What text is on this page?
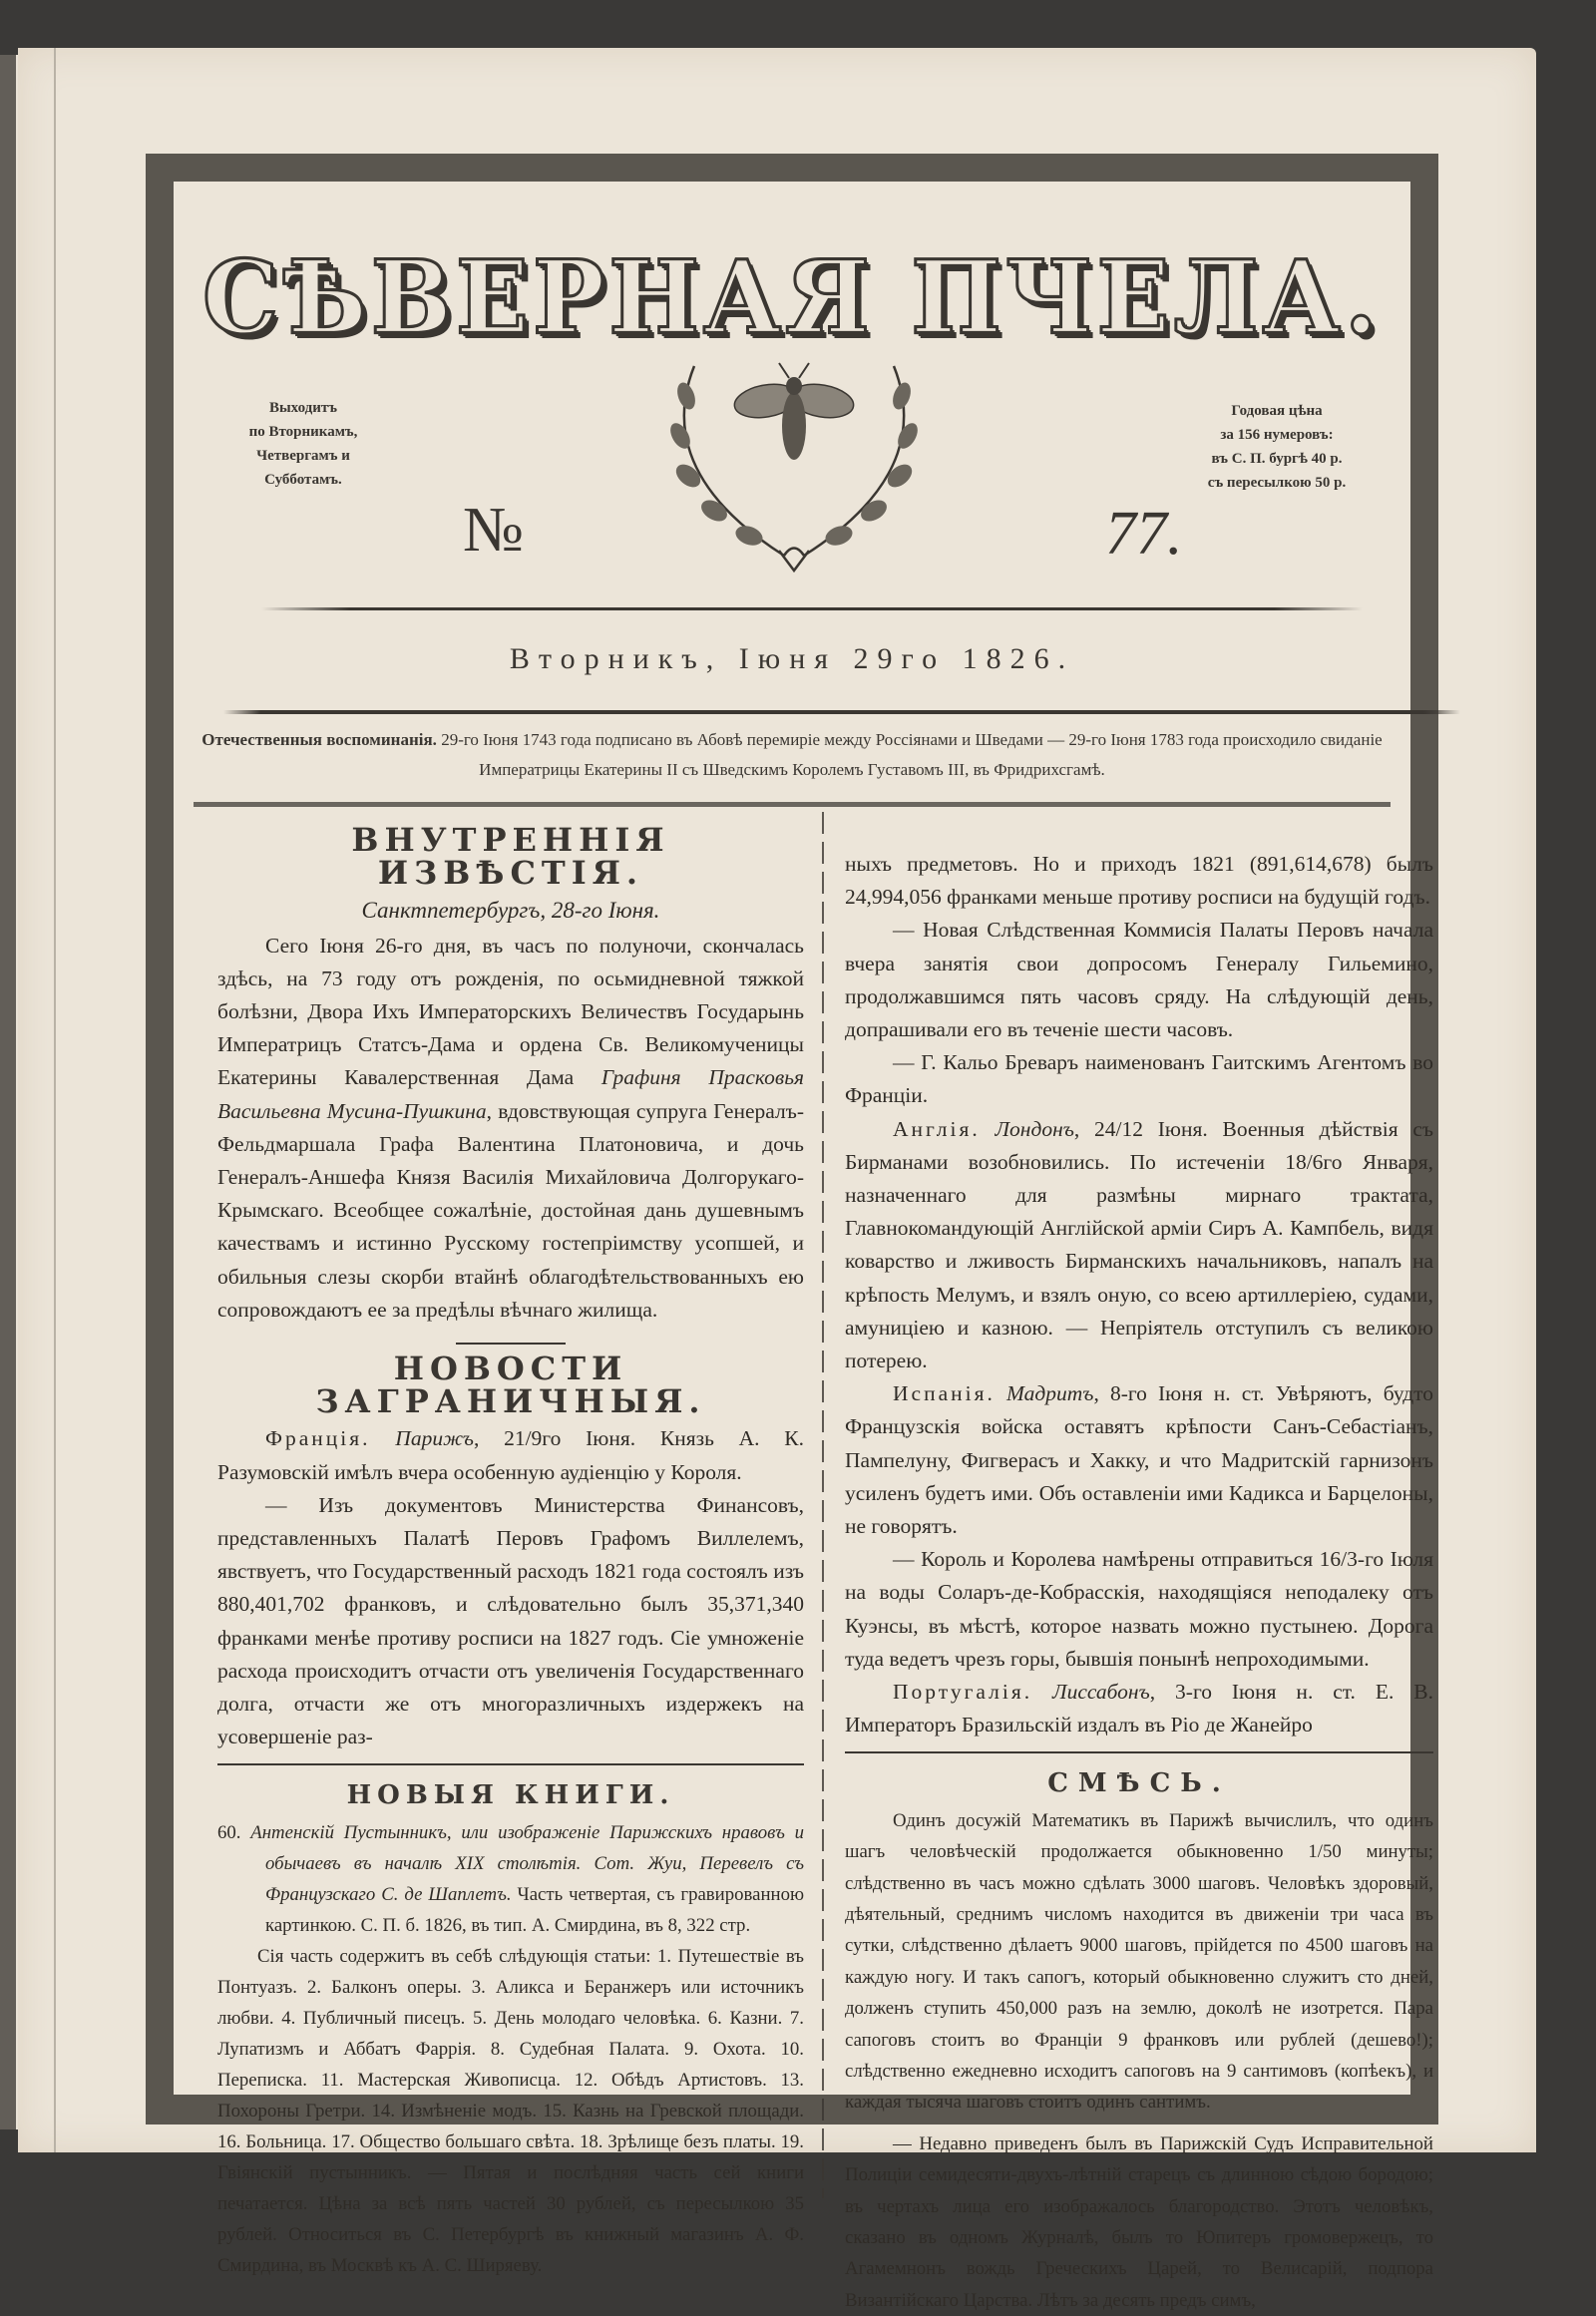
СѢВЕРНАЯ ПЧЕЛА.
Выходитъ
по Вторникамъ,
Четвергамъ и
Субботамъ.
Годовая цѣна
за 156 нумеровъ:
въ С. П. бургѣ 40 р.
съ пересылкою 50 р.
№	77.
Вторникъ, Іюня 29го 1826.
Отечественныя воспоминанія. 29-го Іюня 1743 года подписано въ Абовѣ перемиріе между Россіянами и Шведами — 29-го Іюня 1783 года происходило свиданіе Императрицы Екатерины II съ Шведскимъ Королемъ Густавомъ III, въ Фридрихсгамѣ.
ВНУТРЕННІЯ ИЗВѢСТІЯ.
Санктпетербургъ, 28-го Іюня.

Сего Іюня 26-го дня, въ часъ по полуночи, скончалась здѣсь, на 73 году отъ рожденія, по осьмидневной тяжкой болѣзни, Двора Ихъ Императорскихъ Величествъ Государынь Императрицъ Статсъ-Дама и ордена Св. Великомученицы Екатерины Кавалерственная Дама Графиня Прасковья Васильевна Мусина-Пушкина, вдовствующая супруга Генералъ-Фельдмаршала Графа Валентина Платоновича, и дочь Генералъ-Аншефа Князя Василія Михайловича Долгорукаго-Крымскаго. Всеобщее сожалѣніе, достойная дань душевнымъ качествамъ и истинно Русскому гостепріимству усопшей, и обильныя слезы скорби втайнѣ облагодѣтельствованныхъ ею сопровождаютъ ее за предѣлы вѣчнаго жилища.

НОВОСТИ ЗАГРАНИЧНЫЯ.

Франція. Парижъ, 21/9го Іюня. Князь А. К. Разумовскій имѣлъ вчера особенную аудіенцію у Короля.

— Изъ документовъ Министерства Финансовъ, представленныхъ Палатѣ Перовъ Графомъ Виллелемъ, явствуетъ, что Государственный расходъ 1821 года состоялъ изъ 880,401,702 франковъ, и слѣдовательно былъ 35,371,340 франками менѣе противу росписи на 1827 годъ. Сіе умноженіе расхода происходитъ отчасти отъ увеличенія Государственнаго долга, отчасти же отъ многоразличныхъ издержекъ на усовершеніе раз-

НОВЫЯ КНИГИ.

60. Антенскій Пустынникъ, или изображеніе Парижскихъ нравовъ и обычаевъ въ началѣ XIX столѣтія. Сот. Жуи, Перевелъ съ Французскаго С. де Шаплетъ. Часть четвертая, съ гравированною картинкою. С. П. б. 1826, въ тип. А. Смирдина, въ 8, 322 стр.

Сія часть содержитъ въ себѣ слѣдующія статьи: 1. Путешествіе въ Понтуазъ. 2. Балконъ оперы. 3. Аликса и Беранжеръ или источникъ любви. 4. Публичный писецъ. 5. День молодаго человѣка. 6. Казни. 7. Лупатизмъ и Аббатъ Фаррія. 8. Судебная Палата. 9. Охота. 10. Переписка. 11. Мастерская Живописца. 12. Обѣдъ Артистовъ. 13. Похороны Гретри. 14. Измѣненіе модъ. 15. Казнь на Гревской площади. 16. Больница. 17. Общество большаго свѣта. 18. Зрѣлище безъ платы. 19. Гвіянскій пустынникъ. — Пятая и послѣдняя часть сей книги печатается. Цѣна за всѣ пять частей 30 рублей, съ пересылкою 35 рублей. Относиться въ С. Петербургѣ въ книжный магазинъ А. Ф. Смирдина, въ Москвѣ къ А. С. Ширяеву.

ныхъ предметовъ. Но и приходъ 1821 (891,614,678) былъ 24,994,056 франками меньше противу росписи на будущій годъ.

— Новая Слѣдственная Коммисія Палаты Перовъ начала вчера занятія свои допросомъ Генералу Гильемино, продолжавшимся пять часовъ сряду. На слѣдующій день, допрашивали его въ теченіе шести часовъ.

— Г. Кальо Бреваръ наименованъ Гаитскимъ Агентомъ во Франціи.

Англія. Лондонъ, 24/12 Іюня. Военныя дѣйствія съ Бирманами возобновились. По истеченіи 18/6го Января, назначеннаго для размѣны мирнаго трактата, Главнокомандующій Англійской арміи Сиръ А. Кампбель, видя коварство и лживость Бирманскихъ начальниковъ, напалъ на крѣпость Мелумъ, и взялъ оную, со всею артиллеріею, судами, амуниціею и казною. — Непріятель отступилъ съ великою потерею.

Испанія. Мадритъ, 8-го Іюня н. ст. Увѣряютъ, будто Французскія войска оставятъ крѣпости Санъ-Себастіанъ, Пампелуну, Фигверасъ и Хакку, и что Мадритскій гарнизонъ усиленъ будетъ ими. Объ оставленіи ими Кадикса и Барцелоны, не говорятъ.

— Король и Королева намѣрены отправиться 16/3-го Іюля на воды Соларъ-де-Кобрасскія, находящіяся неподалеку отъ Куэнсы, въ мѣстѣ, которое назвать можно пустынею. Дорога туда ведетъ чрезъ горы, бывшія понынѣ непроходимыми.

Португалія. Лиссабонъ, 3-го Іюня н. ст. Е. В. Императоръ Бразильскій издалъ въ Ріо де Жанейро

СМѢСЬ.

Одинъ досужій Математикъ въ Парижѣ вычислилъ, что одинъ шагъ человѣческій продолжается обыкновенно 1/50 минуты; слѣдственно въ часъ можно сдѣлать 3000 шаговъ. Человѣкъ здоровый, дѣятельный, среднимъ числомъ находится въ движеніи три часа въ сутки, слѣдственно дѣлаетъ 9000 шаговъ, прійдется по 4500 шаговъ на каждую ногу. И такъ сапогъ, который обыкновенно служитъ сто дней, долженъ ступить 450,000 разъ на землю, доколѣ не изотрется. Пара сапоговъ стоитъ во Франціи 9 франковъ или рублей (дешево!); слѣдственно ежедневно исходитъ сапоговъ на 9 сантимовъ (копѣекъ), и каждая тысяча шаговъ стоитъ одинъ сантимъ.

— Недавно приведенъ былъ въ Парижскій Судъ Исправительной Полиціи семидесяти-двухъ-лѣтній старецъ съ длинною сѣдою бородою; въ чертахъ лица его изображалось благородство. Этотъ человѣкъ, сказано въ одномъ Журналѣ, былъ то Юпитеръ громовержецъ, то Агамемнонъ вождь Греческихъ Царей, то Велисарій, подпора Византійскаго Царства. Лѣтъ за десять предъ симъ,
